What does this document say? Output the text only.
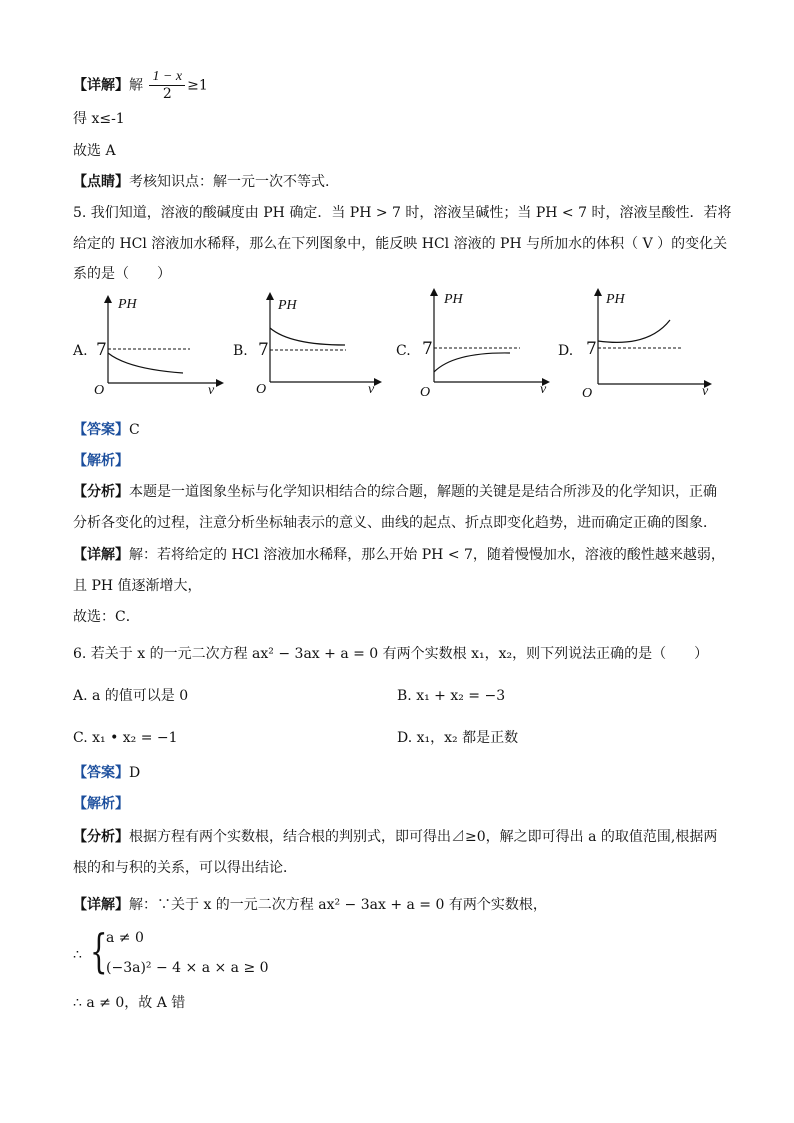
【详解】解 $\frac{1 - x}{2} \ge 1$
得 x≤-1
故选 A
【点睛】考核知识点：解一元一次不等式.
5. 我们知道，溶液的酸碱度由 PH 确定．当 PH > 7 时，溶液呈碱性；当 PH < 7 时，溶液呈酸性．若将
给定的 HCl 溶液加水稀释，那么在下列图象中，能反映 HCl 溶液的 PH 与所加水的体积（ V ）的变化关
系的是（　　）
A.
PH
7
O	v
B.
PH
7
O	v
C.
PH
7
O	v
D.
PH
7
O	v
【答案】C
【解析】
【分析】本题是一道图象坐标与化学知识相结合的综合题，解题的关键是是结合所涉及的化学知识，正确
分析各变化的过程，注意分析坐标轴表示的意义、曲线的起点、折点即变化趋势，进而确定正确的图象．
【详解】解：若将给定的 HCl 溶液加水稀释，那么开始 PH < 7，随着慢慢加水，溶液的酸性越来越弱，
且 PH 值逐渐增大，
故选：C．
6. 若关于 x 的一元二次方程 ax² − 3ax + a = 0 有两个实数根 x₁，x₂，则下列说法正确的是（　　）
A. a 的值可以是 0	B. x₁ + x₂ = −3
C. x₁ • x₂ = −1	D. x₁，x₂ 都是正数
【答案】D
【解析】
【分析】根据方程有两个实数根，结合根的判别式，即可得出⊿≥0，解之即可得出 a 的取值范围,根据两
根的和与积的关系，可以得出结论．
【详解】解：∵关于 x 的一元二次方程 ax² − 3ax + a = 0 有两个实数根，
∴ {
a ≠ 0
(−3a)² − 4 × a × a ≥ 0
∴ a ≠ 0，故 A 错
